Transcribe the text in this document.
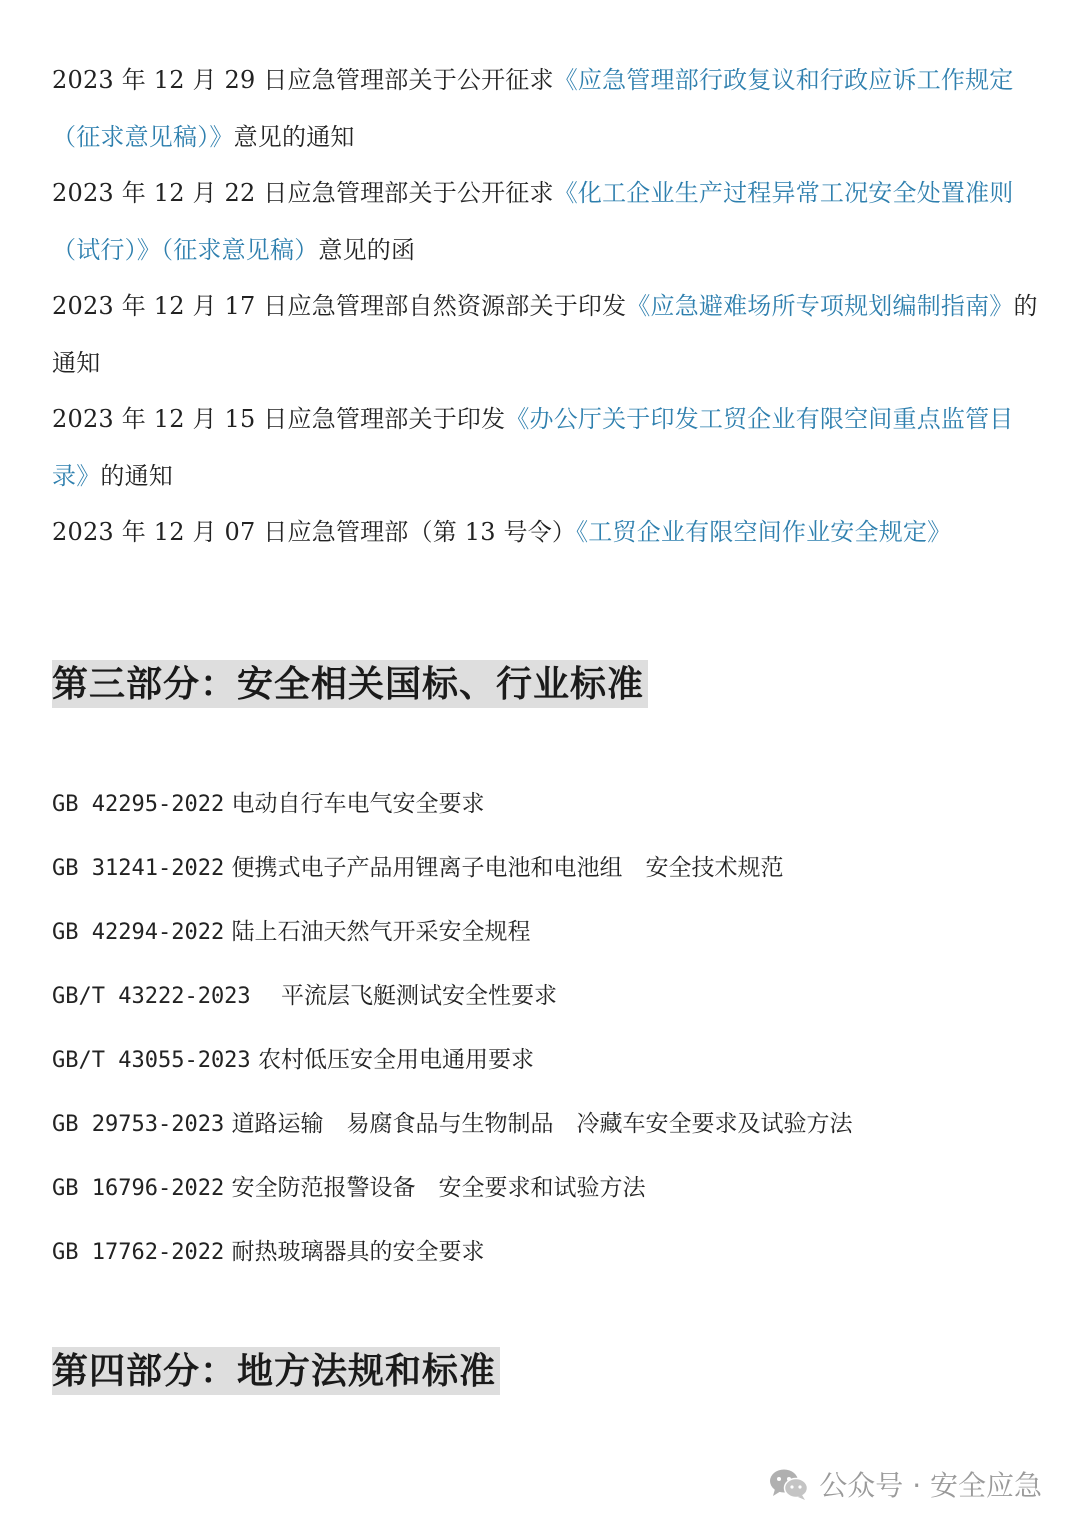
2023 年 12 月 29 日应急管理部关于公开征求《应急管理部行政复议和行政应诉工作规定（征求意见稿）》意见的通知
2023 年 12 月 22 日应急管理部关于公开征求《化工企业生产过程异常工况安全处置准则（试行）》（征求意见稿）意见的函
2023 年 12 月 17 日应急管理部自然资源部关于印发《应急避难场所专项规划编制指南》的通知
2023 年 12 月 15 日应急管理部关于印发《办公厅关于印发工贸企业有限空间重点监管目录》的通知
2023 年 12 月 07 日应急管理部（第 13 号令）《工贸企业有限空间作业安全规定》
第三部分：安全相关国标、行业标准
GB 42295-2022 电动自行车电气安全要求
GB 31241-2022 便携式电子产品用锂离子电池和电池组　安全技术规范
GB 42294-2022 陆上石油天然气开采安全规程
GB/T 43222-2023 　平流层飞艇测试安全性要求
GB/T 43055-2023 农村低压安全用电通用要求
GB 29753-2023 道路运输　易腐食品与生物制品　冷藏车安全要求及试验方法
GB 16796-2022 安全防范报警设备　安全要求和试验方法
GB 17762-2022 耐热玻璃器具的安全要求
第四部分：地方法规和标准
公众号 · 安全应急
